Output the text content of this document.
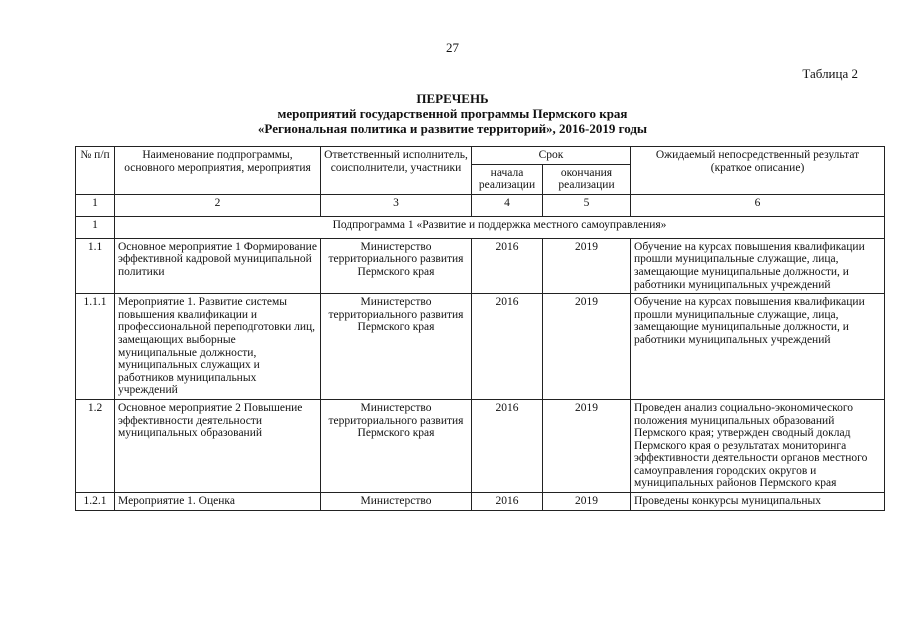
27
Таблица 2
ПЕРЕЧЕНЬ
мероприятий государственной программы Пермского края
«Региональная политика и развитие территорий», 2016-2019 годы
№ п/п	Наименование подпрограммы, основного мероприятия, мероприятия	Ответственный исполнитель, соисполнители, участники	Срок		Ожидаемый непосредственный результат (краткое описание)
			начала реализации	окончания реализации	
1	2	3	4	5	6
1	Подпрограмма 1 «Развитие и поддержка местного самоуправления»				
1.1	Основное мероприятие 1 Формирование эффективной кадровой муниципальной политики	Министерство территориального развития Пермского края	2016	2019	Обучение на курсах повышения квалификации прошли муниципальные служащие, лица, замещающие муниципальные должности, и работники муниципальных учреждений
1.1.1	Мероприятие 1. Развитие системы повышения квалификации и профессиональной переподготовки лиц, замещающих выборные муниципальные должности, муниципальных служащих и работников муниципальных учреждений	Министерство территориального развития Пермского края	2016	2019	Обучение на курсах повышения квалификации прошли муниципальные служащие, лица, замещающие муниципальные должности, и работники муниципальных учреждений
1.2	Основное мероприятие 2 Повышение эффективности деятельности муниципальных образований	Министерство территориального развития Пермского края	2016	2019	Проведен анализ социально-экономического положения муниципальных образований Пермского края; утвержден сводный доклад Пермского края о результатах мониторинга эффективности деятельности органов местного самоуправления городских округов и муниципальных районов Пермского края
1.2.1	Мероприятие 1. Оценка	Министерство	2016	2019	Проведены конкурсы муниципальных
